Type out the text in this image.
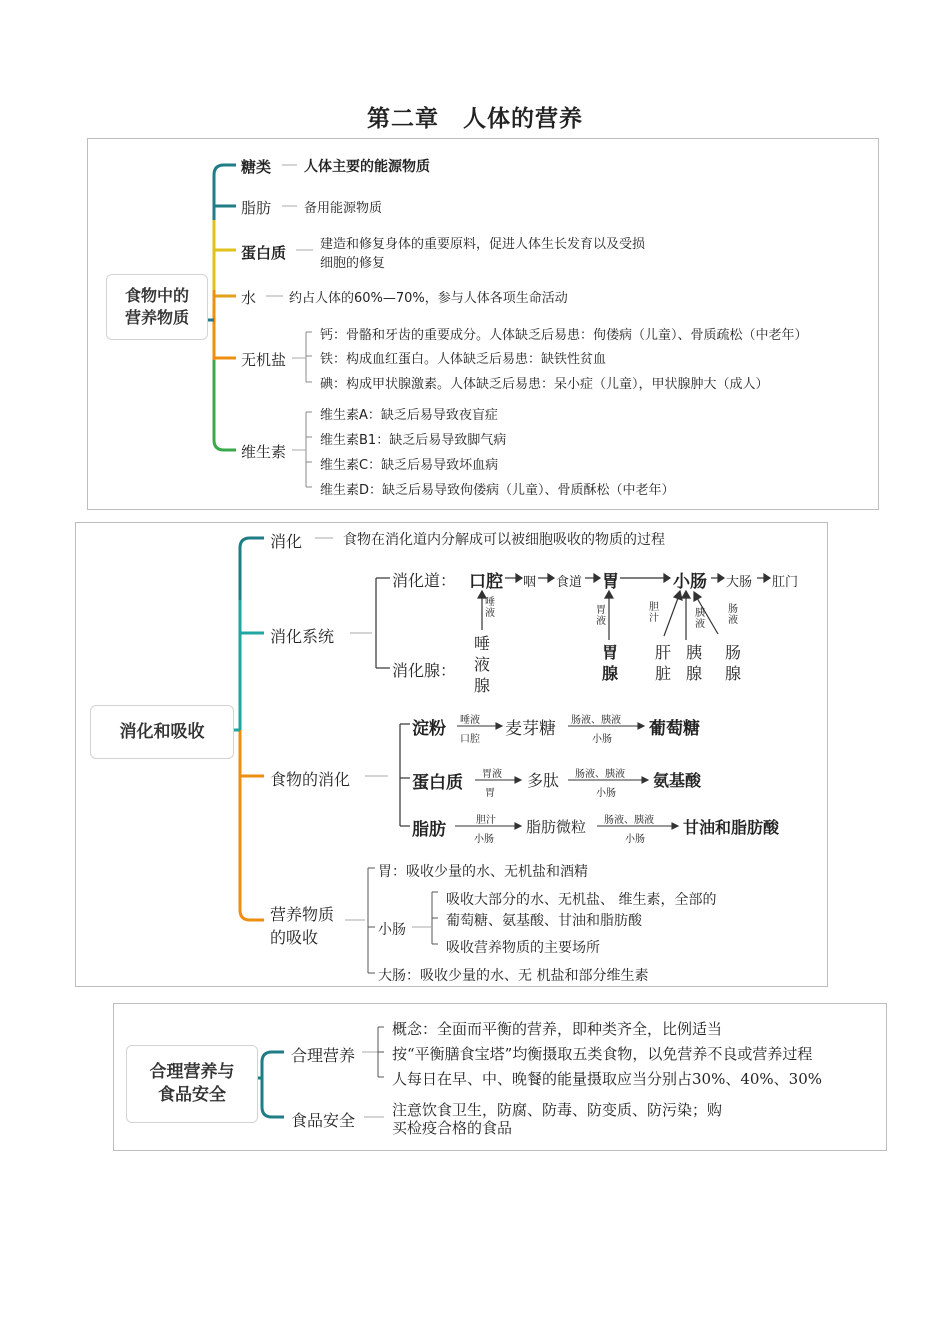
第二章　人体的营养
食物中的
营养物质
糖类 人体主要的能源物质
脂肪	备用能源物质
蛋白质	建造和修复身体的重要原料，促进人体生长发育以及受损
细胞的修复
水	约占人体的60%—70%，参与人体各项生命活动
无机盐
钙：骨骼和牙齿的重要成分。人体缺乏后易患：佝偻病（儿童）、骨质疏松（中老年）
铁：构成血红蛋白。人体缺乏后易患：缺铁性贫血
碘：构成甲状腺激素。人体缺乏后易患：呆小症（儿童），甲状腺肿大（成人）
维生素
维生素A：缺乏后易导致夜盲症
维生素B1：缺乏后易导致脚气病
维生素C：缺乏后易导致坏血病
维生素D：缺乏后易导致佝偻病（儿童）、骨质酥松（中老年）
消化和吸收
消化	食物在消化道内分解成可以被细胞吸收的物质的过程
消化系统
消化道： 口腔 咽 食道 胃	小肠 大肠 肛门
唾
液	胃
液
胆
汁	胰
液
肠
液
消化腺：
唾
液
腺
胃
腺
肝
脏
胰
腺
肠
腺
食物的消化
淀粉 唾液
口腔
麦芽糖 肠液、胰液
小肠
葡萄糖
蛋白质 胃液
胃
多肽 肠液、胰液
小肠
氨基酸
脂肪	胆汁
小肠
脂肪微粒 肠液、胰液
小肠
甘油和脂肪酸
营养物质
的吸收
胃：吸收少量的水、无机盐和酒精
小肠
吸收大部分的水、无机盐、 维生素，全部的
葡萄糖、氨基酸、甘油和脂肪酸
吸收营养物质的主要场所
大肠：吸收少量的水、无 机盐和部分维生素
合理营养与
食品安全
合理营养
概念：全面而平衡的营养，即种类齐全，比例适当
按“平衡膳食宝塔”均衡摄取五类食物，以免营养不良或营养过程
人每日在早、中、晚餐的能量摄取应当分别占30%、40%、30%
食品安全
注意饮食卫生，防腐、防毒、防变质、防污染；购
买检疫合格的食品
